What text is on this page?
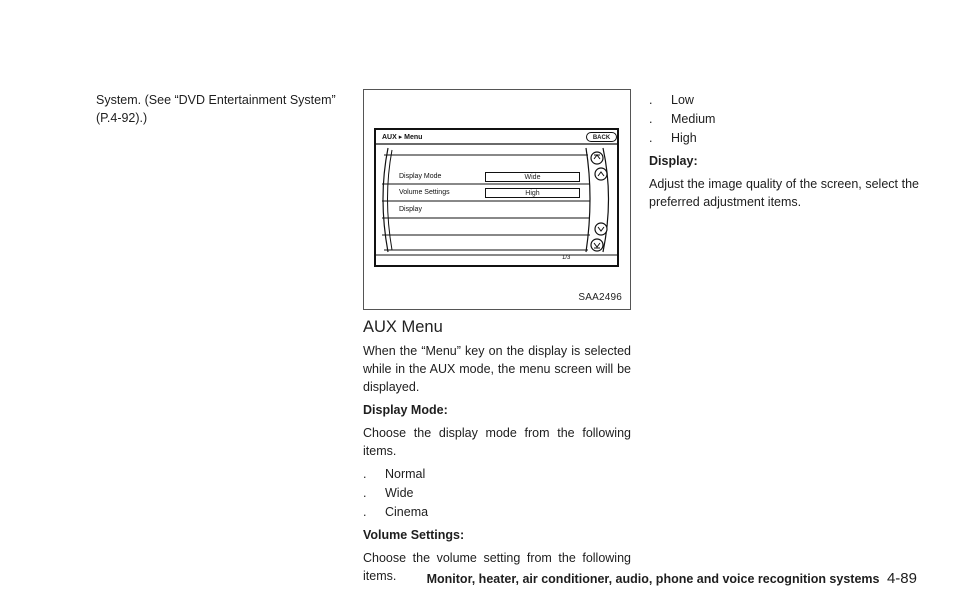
System. (See “DVD Entertainment System” (P.4-92).)

AUX ▸ Menu	BACK
Display Mode	Wide
Volume Settings	High
Display
1/3
SAA2496
AUX Menu

When the “Menu” key on the display is selected while in the AUX mode, the menu screen will be displayed.

Display Mode:

Choose the display mode from the following items.

.	Normal
.	Wide
.	Cinema
Volume Settings:

Choose the volume setting from the following items.

.	Low
.	Medium
.	High
Display:

Adjust the image quality of the screen, select the preferred adjustment items.

Monitor, heater, air conditioner, audio, phone and voice recognition systems 4-89
